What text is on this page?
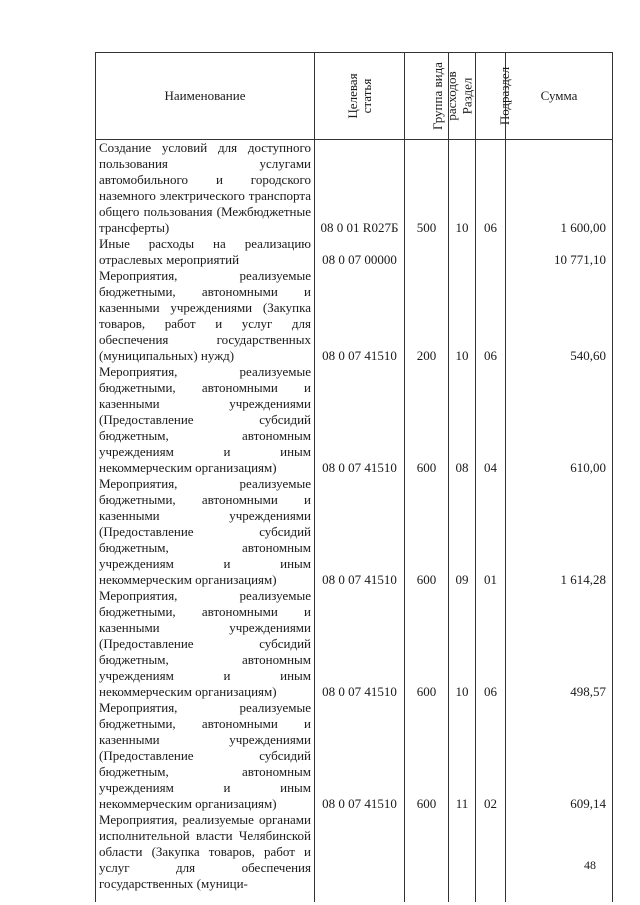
Наименование	Целевая статья	Группа вида расходов	Раздел	Подраздел	Сумма
Создание условий для доступного пользования услугами автомобильного и городского наземного электрического транспорта общего пользования (Межбюджетные трансферты)	08 0 01 R027Б	500	10	06	1 600,00
Иные расходы на реализацию отраслевых мероприятий	08 0 07 00000				10 771,10
Мероприятия, реализуемые бюджетными, автономными и казенными учреждениями (Закупка товаров, работ и услуг для обеспечения государственных (муниципальных) нужд)	08 0 07 41510	200	10	06	540,60
Мероприятия, реализуемые бюджетными, автономными и казенными учреждениями (Предоставление субсидий бюджетным, автономным учреждениям и иным некоммерческим организациям)	08 0 07 41510	600	08	04	610,00
Мероприятия, реализуемые бюджетными, автономными и казенными учреждениями (Предоставление субсидий бюджетным, автономным учреждениям и иным некоммерческим организациям)	08 0 07 41510	600	09	01	1 614,28
Мероприятия, реализуемые бюджетными, автономными и казенными учреждениями (Предоставление субсидий бюджетным, автономным учреждениям и иным некоммерческим организациям)	08 0 07 41510	600	10	06	498,57
Мероприятия, реализуемые бюджетными, автономными и казенными учреждениями (Предоставление субсидий бюджетным, автономным учреждениям и иным некоммерческим организациям)	08 0 07 41510	600	11	02	609,14
Мероприятия, реализуемые органами исполнительной власти Челябинской области (Закупка товаров, работ и услуг для обеспечения государственных (муници-					
48
